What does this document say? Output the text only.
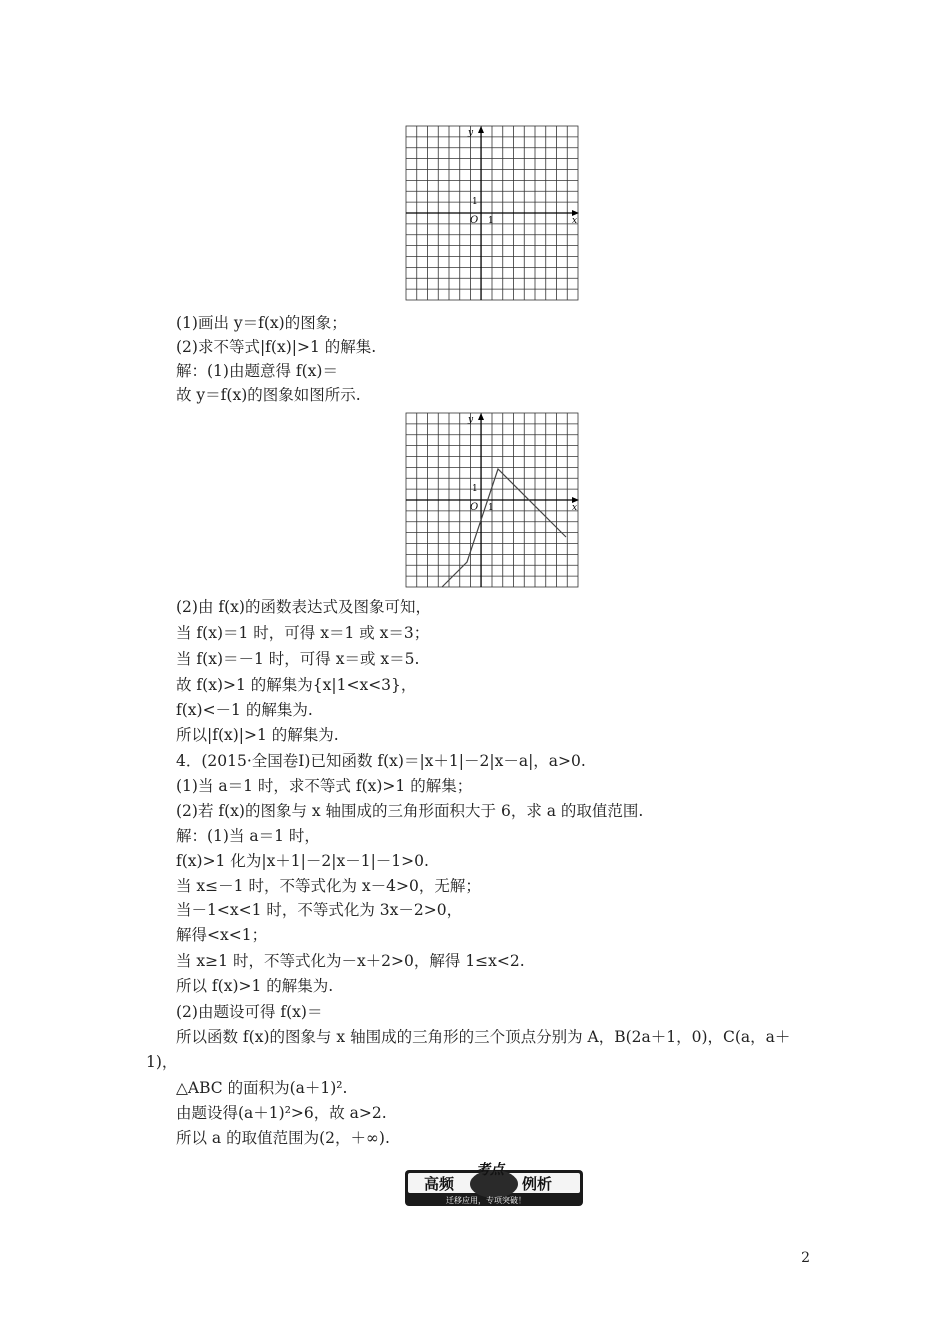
y
x
O 1
1
(1)画出 y＝f(x)的图象；
(2)求不等式|f(x)|>1 的解集.
解：(1)由题意得 f(x)＝
故 y＝f(x)的图象如图所示.
y
x
O 1
1
(2)由 f(x)的函数表达式及图象可知，
当 f(x)＝1 时，可得 x＝1 或 x＝3；
当 f(x)＝－1 时，可得 x＝或 x＝5.
故 f(x)>1 的解集为{x|1<x<3}，
f(x)<－1 的解集为.
所以|f(x)|>1 的解集为.
4．(2015·全国卷Ⅰ)已知函数 f(x)＝|x＋1|－2|x－a|，a>0.
(1)当 a＝1 时，求不等式 f(x)>1 的解集；
(2)若 f(x)的图象与 x 轴围成的三角形面积大于 6，求 a 的取值范围.
解：(1)当 a＝1 时，
f(x)>1 化为|x＋1|－2|x－1|－1>0.
当 x≤－1 时，不等式化为 x－4>0，无解；
当－1<x<1 时，不等式化为 3x－2>0，
解得<x<1；
当 x≥1 时，不等式化为－x＋2>0，解得 1≤x<2.
所以 f(x)>1 的解集为.
(2)由题设可得 f(x)＝
所以函数 f(x)的图象与 x 轴围成的三角形的三个顶点分别为 A，B(2a＋1，0)，C(a，a＋
1)，
△ABC 的面积为(a＋1)².
由题设得(a＋1)²>6，故 a>2.
所以 a 的取值范围为(2，＋∞).
高频
考点
例析
迁移应用，专项突破！
2
